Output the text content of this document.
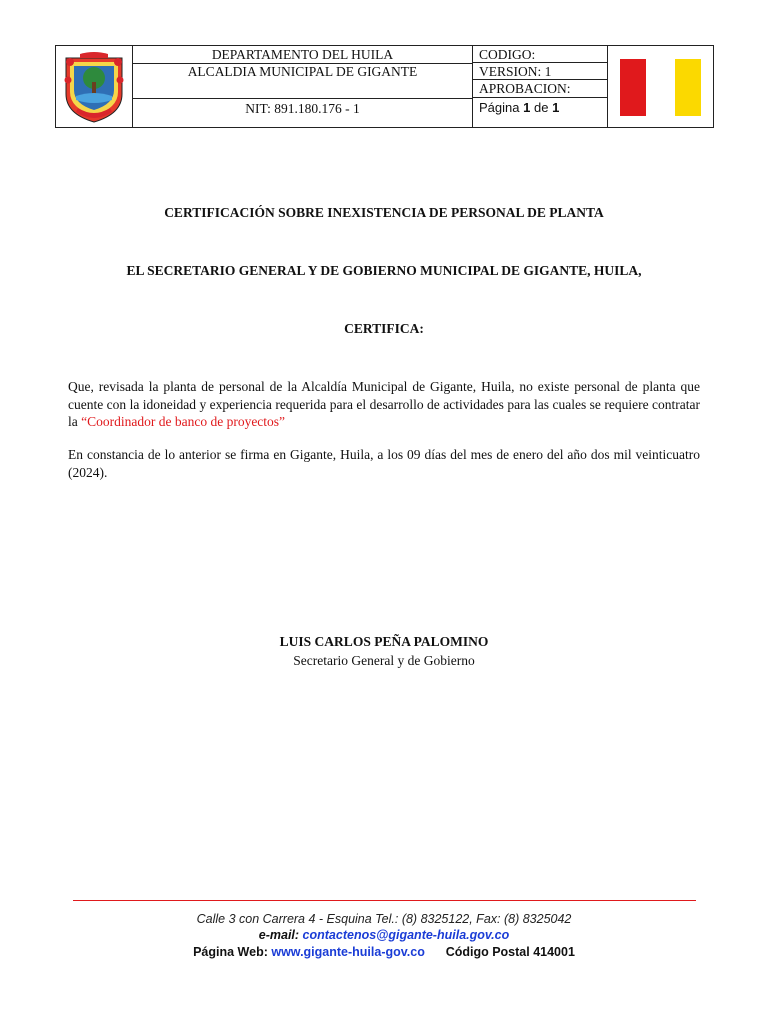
DEPARTAMENTO DEL HUILA
ALCALDIA MUNICIPAL DE GIGANTE
NIT: 891.180.176 - 1
CODIGO:
VERSION: 1
APROBACION:
Página 1 de 1
CERTIFICACIÓN SOBRE INEXISTENCIA DE PERSONAL DE PLANTA
EL SECRETARIO GENERAL Y DE GOBIERNO MUNICIPAL DE GIGANTE, HUILA,
CERTIFICA:
Que, revisada la planta de personal de la Alcaldía Municipal de Gigante, Huila, no existe personal de planta que cuente con la idoneidad y experiencia requerida para el desarrollo de actividades para las cuales se requiere contratar la “Coordinador de banco de proyectos”
En constancia de lo anterior se firma en Gigante, Huila, a los 09 días del mes de enero del año dos mil veinticuatro (2024).
LUIS CARLOS PEÑA PALOMINO
Secretario General y de Gobierno
Calle 3 con Carrera 4 - Esquina Tel.: (8) 8325122, Fax: (8) 8325042
e-mail: contactenos@gigante-huila.gov.co
Página Web: www.gigante-huila-gov.co Código Postal 414001
